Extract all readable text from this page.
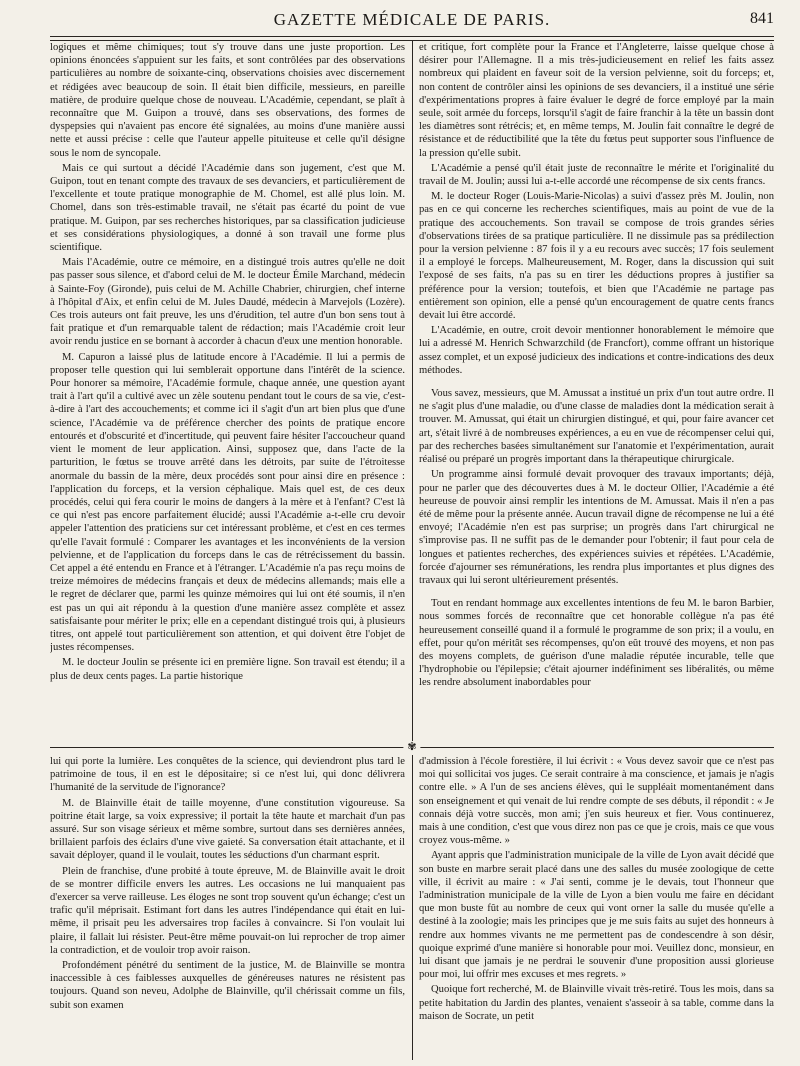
GAZETTE MÉDICALE DE PARIS.	841

logiques et même chimiques; tout s'y trouve dans une juste proportion. Les opinions énoncées s'appuient sur les faits, et sont contrôlées par des observations particulières au nombre de soixante-cinq, observations choisies avec discernement et rédigées avec beaucoup de soin. Il était bien difficile, messieurs, en pareille matière, de produire quelque chose de nouveau. L'Académie, cependant, se plaît à reconnaître que M. Guipon a trouvé, dans ses observations, des formes de dyspepsies qui n'avaient pas encore été signalées, au moins d'une manière aussi nette et aussi précise : celle que l'auteur appelle pituiteuse et celle qu'il désigne sous le nom de syncopale.

Mais ce qui surtout a décidé l'Académie dans son jugement, c'est que M. Guipon, tout en tenant compte des travaux de ses devanciers, et particulièrement de l'excellente et toute pratique monographie de M. Chomel, est allé plus loin. M. Chomel, dans son très-estimable travail, ne s'était pas écarté du point de vue pratique. M. Guipon, par ses recherches historiques, par sa classification judicieuse et ses considérations physiologiques, a donné à son travail une forme plus scientifique.

Mais l'Académie, outre ce mémoire, en a distingué trois autres qu'elle ne doit pas passer sous silence, et d'abord celui de M. le docteur Émile Marchand, médecin à Sainte-Foy (Gironde), puis celui de M. Achille Chabrier, chirurgien, chef interne à l'hôpital d'Aix, et enfin celui de M. Jules Daudé, médecin à Marvejols (Lozère). Ces trois auteurs ont fait preuve, les uns d'érudition, tel autre d'un bon sens tout à fait pratique et d'un remarquable talent de rédaction; mais l'Académie croit leur avoir rendu justice en se bornant à accorder à chacun d'eux une mention honorable.

M. Capuron a laissé plus de latitude encore à l'Académie. Il lui a permis de proposer telle question qui lui semblerait opportune dans l'intérêt de la science. Pour honorer sa mémoire, l'Académie formule, chaque année, une question ayant trait à l'art qu'il a cultivé avec un zèle soutenu pendant tout le cours de sa vie, c'est-à-dire à l'art des accouchements; et comme ici il s'agit d'un art bien plus que d'une science, l'Académie va de préférence chercher des points de pratique encore entourés et d'obscurité et d'incertitude, qui peuvent faire hésiter l'accoucheur quand vient le moment de leur application. Ainsi, supposez que, dans l'acte de la parturition, le fœtus se trouve arrêté dans les détroits, par suite de l'étroitesse anormale du bassin de la mère, deux procédés sont pour ainsi dire en présence : l'application du forceps, et la version céphalique. Mais quel est, de ces deux procédés, celui qui fera courir le moins de dangers à la mère et à l'enfant? C'est là ce qui n'est pas encore parfaitement élucidé; aussi l'Académie a-t-elle cru devoir appeler l'attention des praticiens sur cet intéressant problème, et c'est en ces termes qu'elle l'avait formulé : Comparer les avantages et les inconvénients de la version pelvienne, et de l'application du forceps dans le cas de rétrécissement du bassin. Cet appel a été entendu en France et à l'étranger. L'Académie n'a pas reçu moins de treize mémoires de médecins français et deux de médecins allemands; mais elle a le regret de déclarer que, parmi les quinze mémoires qui lui ont été soumis, il n'en est pas un qui ait répondu à la question d'une manière assez complète et assez satisfaisante pour mériter le prix; elle en a cependant distingué trois qui, à plusieurs titres, ont appelé tout particulièrement son attention, et qui doivent être l'objet de justes récompenses.

M. le docteur Joulin se présente ici en première ligne. Son travail est étendu; il a plus de deux cents pages. La partie historique

et critique, fort complète pour la France et l'Angleterre, laisse quelque chose à désirer pour l'Allemagne. Il a mis très-judicieusement en relief les faits assez nombreux qui plaident en faveur soit de la version pelvienne, soit du forceps; et, non content de contrôler ainsi les opinions de ses devanciers, il a institué une série d'expérimentations propres à faire évaluer le degré de force employé par la main seule, soit armée du forceps, lorsqu'il s'agit de faire franchir à la tête un bassin dont les diamètres sont rétrécis; et, en même temps, M. Joulin fait connaître le degré de résistance et de réductibilité que la tête du fœtus peut supporter sous l'influence de la pression qu'elle subit.

L'Académie a pensé qu'il était juste de reconnaître le mérite et l'originalité du travail de M. Joulin; aussi lui a-t-elle accordé une récompense de six cents francs.

M. le docteur Roger (Louis-Marie-Nicolas) a suivi d'assez près M. Joulin, non pas en ce qui concerne les recherches scientifiques, mais au point de vue de la pratique des accouchements. Son travail se compose de trois grandes séries d'observations tirées de sa pratique particulière. Il ne dissimule pas sa prédilection pour la version pelvienne : 87 fois il y a eu recours avec succès; 17 fois seulement il a employé le forceps. Malheureusement, M. Roger, dans la discussion qui suit l'exposé de ses faits, n'a pas su en tirer les déductions propres à justifier sa préférence pour la version; toutefois, et bien que l'Académie ne partage pas entièrement son opinion, elle a pensé qu'un encouragement de quatre cents francs devait lui être accordé.

L'Académie, en outre, croit devoir mentionner honorablement le mémoire que lui a adressé M. Henrich Schwarzchild (de Francfort), comme offrant un historique assez complet, et un exposé judicieux des indications et contre-indications des deux méthodes.

Vous savez, messieurs, que M. Amussat a institué un prix d'un tout autre ordre. Il ne s'agit plus d'une maladie, ou d'une classe de maladies dont la médication serait à trouver. M. Amussat, qui était un chirurgien distingué, et qui, pour faire avancer cet art, s'était livré à de nombreuses expériences, a eu en vue de récompenser celui qui, par des recherches basées simultanément sur l'anatomie et l'expérimentation, aurait réalisé ou préparé un progrès important dans la thérapeutique chirurgicale.

Un programme ainsi formulé devait provoquer des travaux importants; déjà, pour ne parler que des découvertes dues à M. le docteur Ollier, l'Académie a été heureuse de pouvoir ainsi remplir les intentions de M. Amussat. Mais il n'en a pas été de même pour la présente année. Aucun travail digne de récompense ne lui a été envoyé; l'Académie n'en est pas surprise; un progrès dans l'art chirurgical ne s'improvise pas. Il ne suffit pas de le demander pour l'obtenir; il faut pour cela de longues et patientes recherches, des expériences suivies et répétées. L'Académie, forcée d'ajourner ses rémunérations, les rendra plus importantes et plus dignes des travaux qui lui seront ultérieurement présentés.

Tout en rendant hommage aux excellentes intentions de feu M. le baron Barbier, nous sommes forcés de reconnaître que cet honorable collègue n'a pas été heureusement conseillé quand il a formulé le programme de son prix; il a voulu, en effet, pour qu'on méritât ses récompenses, qu'on eût trouvé des moyens, et non pas des moyens complets, de guérison d'une maladie réputée incurable, telle que l'hydrophobie ou l'épilepsie; c'était ajourner indéfiniment ses libéralités, ou même les rendre absolument inabordables pour

✾

lui qui porte la lumière. Les conquêtes de la science, qui deviendront plus tard le patrimoine de tous, il en est le dépositaire; si ce n'est lui, qui donc délivrera l'humanité de la servitude de l'ignorance?

M. de Blainville était de taille moyenne, d'une constitution vigoureuse. Sa poitrine était large, sa voix expressive; il portait la tête haute et marchait d'un pas assuré. Sur son visage sérieux et même sombre, surtout dans ses dernières années, brillaient parfois des éclairs d'une vive gaieté. Sa conversation était attachante, et il savait déployer, quand il le voulait, toutes les séductions d'un charmant esprit.

Plein de franchise, d'une probité à toute épreuve, M. de Blainville avait le droit de se montrer difficile envers les autres. Les occasions ne lui manquaient pas d'exercer sa verve railleuse. Les éloges ne sont trop souvent qu'un échange; c'est un trafic qu'il méprisait. Estimant fort dans les autres l'indépendance qui était en lui-même, il prisait peu les adversaires trop faciles à convaincre. Si l'on voulait lui plaire, il fallait lui résister. Peut-être même pouvait-on lui reprocher de trop aimer la contradiction, et de vouloir trop avoir raison.

Profondément pénétré du sentiment de la justice, M. de Blainville se montra inaccessible à ces faiblesses auxquelles de généreuses natures ne résistent pas toujours. Quand son neveu, Adolphe de Blainville, qu'il chérissait comme un fils, subit son examen

d'admission à l'école forestière, il lui écrivit : « Vous devez savoir que ce n'est pas moi qui sollicitai vos juges. Ce serait contraire à ma conscience, et jamais je n'agis contre elle. » A l'un de ses anciens élèves, qui le suppléait momentanément dans son enseignement et qui venait de lui rendre compte de ses débuts, il répondit : « Je connais déjà votre succès, mon ami; j'en suis heureux et fier. Vous continuerez, mais à une condition, c'est que vous direz non pas ce que je crois, mais ce que vous croyez vous-même. »

Ayant appris que l'administration municipale de la ville de Lyon avait décidé que son buste en marbre serait placé dans une des salles du musée zoologique de cette ville, il écrivit au maire : « J'ai senti, comme je le devais, tout l'honneur que l'administration municipale de la ville de Lyon a bien voulu me faire en décidant que mon buste fût au nombre de ceux qui vont orner la salle du musée qu'elle a destiné à la zoologie; mais les principes que je me suis faits au sujet des honneurs à rendre aux hommes vivants ne me permettent pas de condescendre à son désir, quoique exprimé d'une manière si honorable pour moi. Veuillez donc, monsieur, en lui disant que jamais je ne perdrai le souvenir d'une proposition aussi glorieuse pour moi, lui offrir mes excuses et mes regrets. »

Quoique fort recherché, M. de Blainville vivait très-retiré. Tous les mois, dans sa petite habitation du Jardin des plantes, venaient s'asseoir à sa table, comme dans la maison de Socrate, un petit
